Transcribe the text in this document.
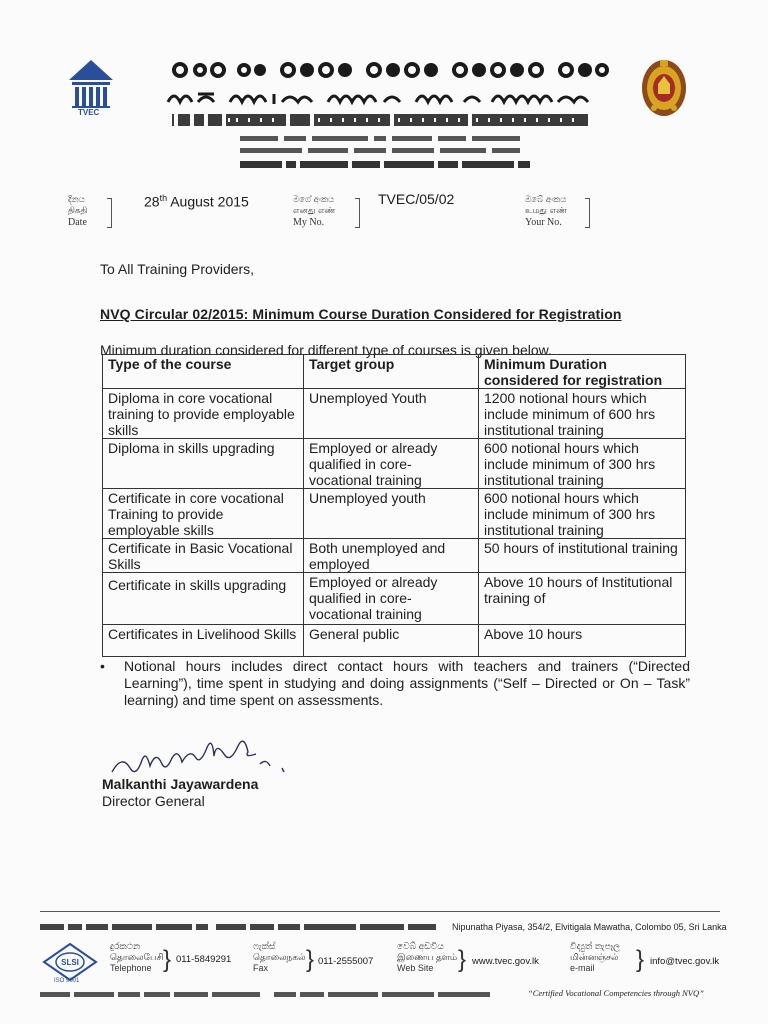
TVEC
දිනය
திகதி
Date
28th August 2015	මගේ අංකය
எனது எண்
My No.
TVEC/05/02	ඔබේ අංකය
உமது எண்
Your No.
To All Training Providers,
NVQ Circular 02/2015: Minimum Course Duration Considered for Registration
Minimum duration considered for different type of courses is given below.
Type of the course	Target group	Minimum Duration considered for registration
Diploma in core vocational training to provide employable skills	Unemployed Youth	1200 notional hours which include minimum of 600 hrs institutional training
Diploma in skills upgrading	Employed or already qualified in core-vocational training	600 notional hours which include minimum of 300 hrs institutional training
Certificate in core vocational Training to provide employable skills	Unemployed youth	600 notional hours which include minimum of 300 hrs institutional training
Certificate in Basic Vocational Skills	Both unemployed and employed	50 hours of institutional training
Certificate in skills upgrading	Employed or already qualified in core-vocational training	Above 10 hours of Institutional training of
Certificates in Livelihood Skills	General public	Above 10 hours
• Notional hours includes direct contact hours with teachers and trainers (“Directed Learning”), time spent in studying and doing assignments (“Self – Directed or On – Task” learning) and time spent on assessments.
Malkanthi Jayawardena
Director General
Nipunatha Piyasa, 354/2, Elvitigala Mawatha, Colombo 05, Sri Lanka
SLSI
ISO 9001
දුරකථන
தொலைபேசி
Telephone } 011-5849291
ෆැක්ස්
தொலைநகல்
Fax	} 011-2555007
වෙබ් අඩවිය
இணைய தளம்
Web Site	} www.tvec.gov.lk
විද්‍යුත් තැපෑල
மின்னஞ்சல்
e-mail	} info@tvec.gov.lk
“Certified Vocational Competencies through NVQ”
